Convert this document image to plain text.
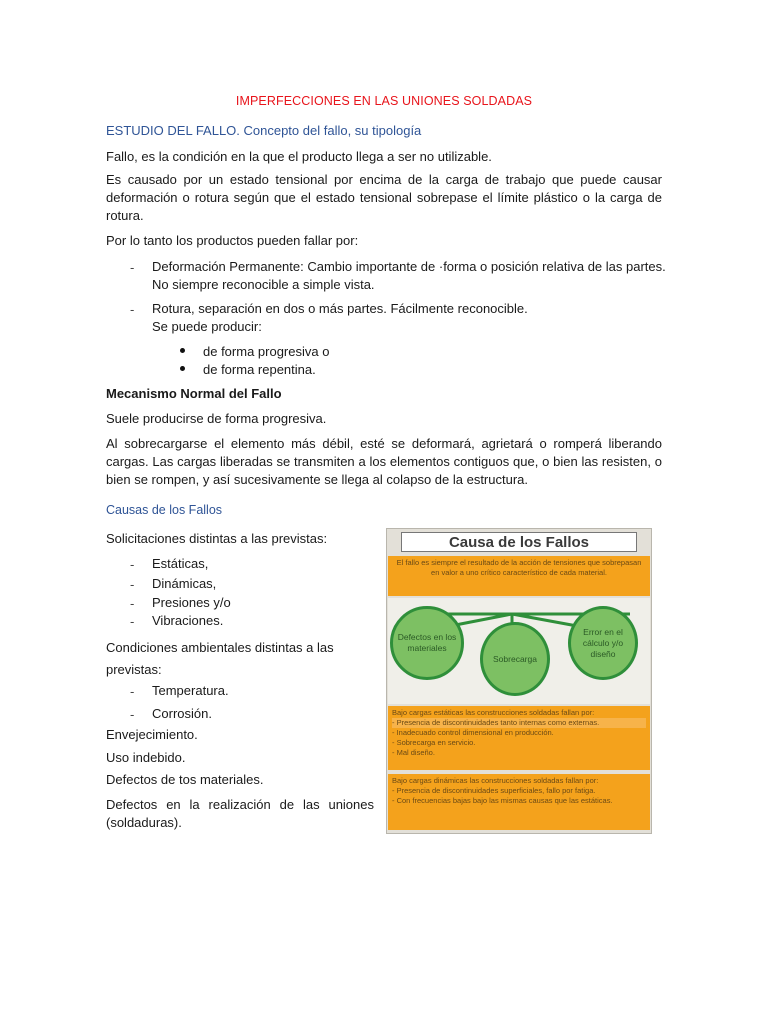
IMPERFECCIONES EN LAS UNIONES SOLDADAS
ESTUDIO DEL FALLO. Concepto del fallo, su tipología
Fallo, es la condición en la que el producto llega a ser no utilizable.
Es causado por un estado tensional por encima de la carga de trabajo que puede causar deformación o rotura según que el estado tensional sobrepase el límite plástico o la carga de rotura.
Por lo tanto los productos pueden fallar por:
- Deformación Permanente: Cambio importante de ·forma o posición relativa de las partes.
No siempre reconocible a simple vista.
- Rotura, separación en dos o más partes. Fácilmente reconocible.
Se puede producir:
de forma progresiva o
de forma repentina.
Mecanismo Normal del Fallo
Suele producirse de forma progresiva.
Al sobrecargarse el elemento más débil, esté se deformará, agrietará o romperá liberando cargas. Las cargas liberadas se transmiten a los elementos contiguos que, o bien las resisten, o bien se rompen, y así sucesivamente se llega al colapso de la estructura.
Causas de los Fallos
Solicitaciones distintas a las previstas:
- Estáticas,
- Dinámicas,
- Presiones y/o
- Vibraciones.
Condiciones ambientales distintas a las
previstas:
- Temperatura.
- Corrosión.
Envejecimiento.
Uso indebido.
Defectos de tos materiales.
Defectos en la realización de las uniones (soldaduras).
Causa de los Fallos
El fallo es siempre el resultado de la acción de tensiones que sobrepasan en valor a uno crítico característico de cada material.
Defectos en los materiales
Sobrecarga
Error en el cálculo y/o diseño
Bajo cargas estáticas las construcciones soldadas fallan por:
- Presencia de discontinuidades tanto internas como externas.
- Inadecuado control dimensional en producción.
- Sobrecarga en servicio.
- Mal diseño.
Bajo cargas dinámicas las construcciones soldadas fallan por:
- Presencia de discontinuidades superficiales, fallo por fatiga.
- Con frecuencias bajas bajo las mismas causas que las estáticas.
